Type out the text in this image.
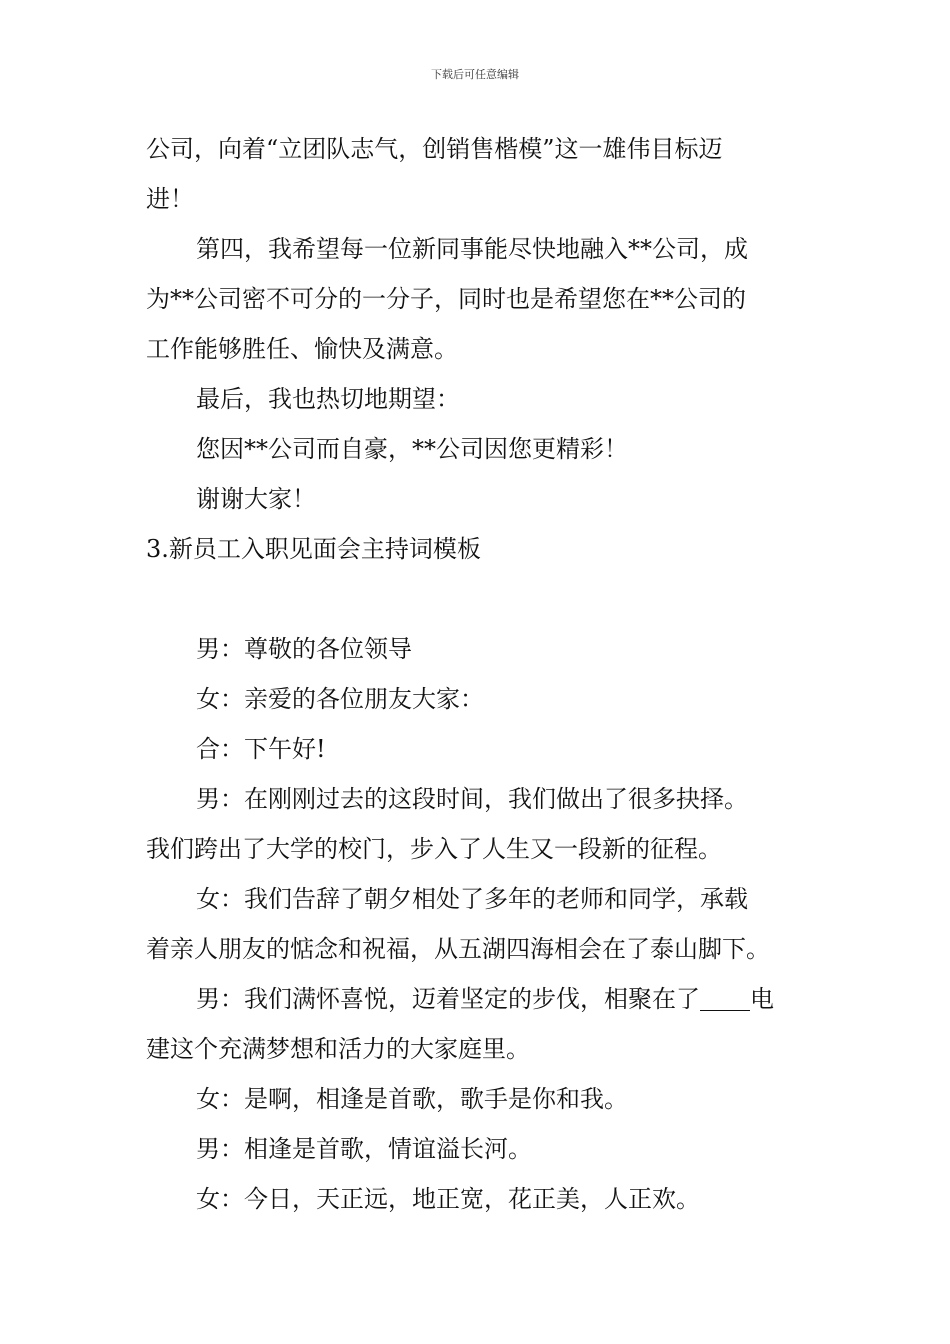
下载后可任意编辑

公司，向着“立团队志气，创销售楷模”这一雄伟目标迈

进！

第四，我希望每一位新同事能尽快地融入**公司，成

为**公司密不可分的一分子，同时也是希望您在**公司的

工作能够胜任、愉快及满意。

最后，我也热切地期望：

您因**公司而自豪，**公司因您更精彩！

谢谢大家！

3.新员工入职见面会主持词模板

男：尊敬的各位领导

女：亲爱的各位朋友大家：

合：下午好!

男：在刚刚过去的这段时间，我们做出了很多抉择。

我们跨出了大学的校门，步入了人生又一段新的征程。

女：我们告辞了朝夕相处了多年的老师和同学，承载

着亲人朋友的惦念和祝福，从五湖四海相会在了泰山脚下。

男：我们满怀喜悦，迈着坚定的步伐，相聚在了 电

建这个充满梦想和活力的大家庭里。

女：是啊，相逢是首歌，歌手是你和我。

男：相逢是首歌，情谊溢长河。

女：今日，天正远，地正宽，花正美，人正欢。
